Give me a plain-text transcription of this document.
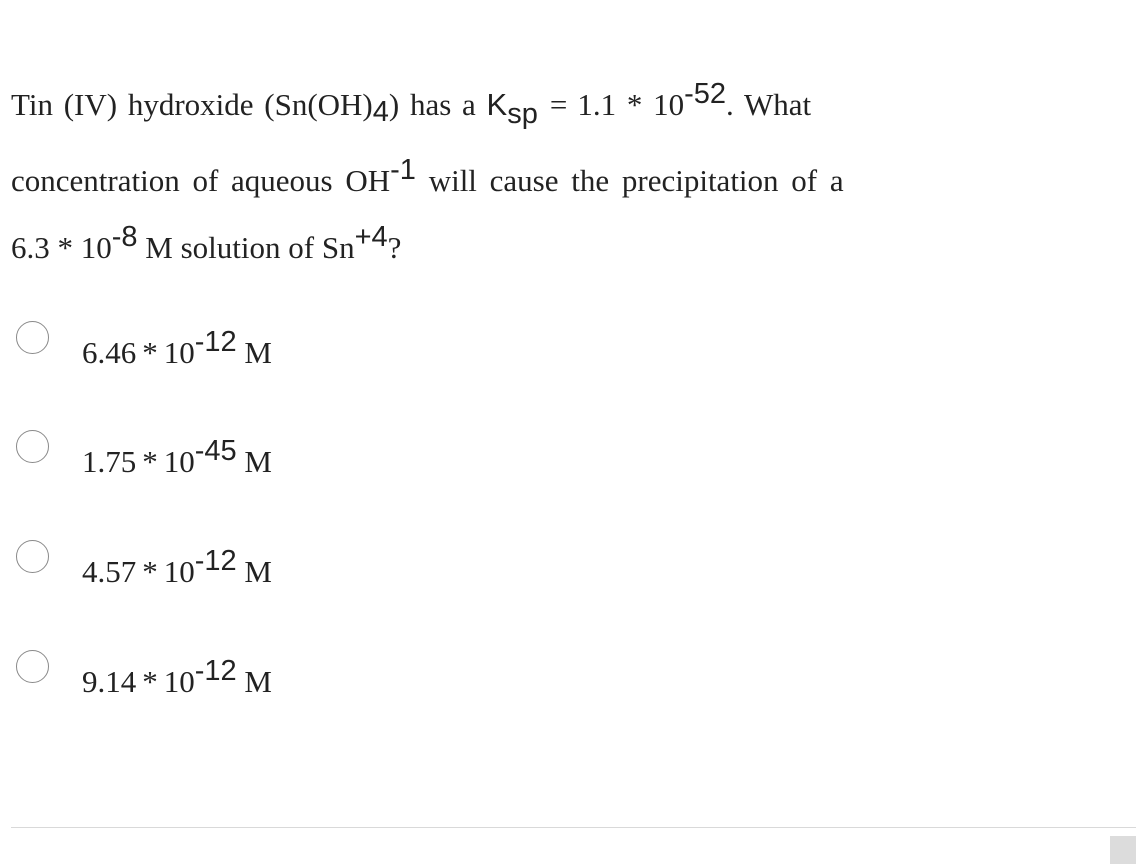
Tin (IV) hydroxide (Sn(OH)4) has a Ksp = 1.1 * 10-52. What
concentration of aqueous OH-1 will cause the precipitation of a
6.3 * 10-8 M solution of Sn+4?
6.46 * 10-12 M
1.75 * 10-45 M
4.57 * 10-12 M
9.14 * 10-12 M
